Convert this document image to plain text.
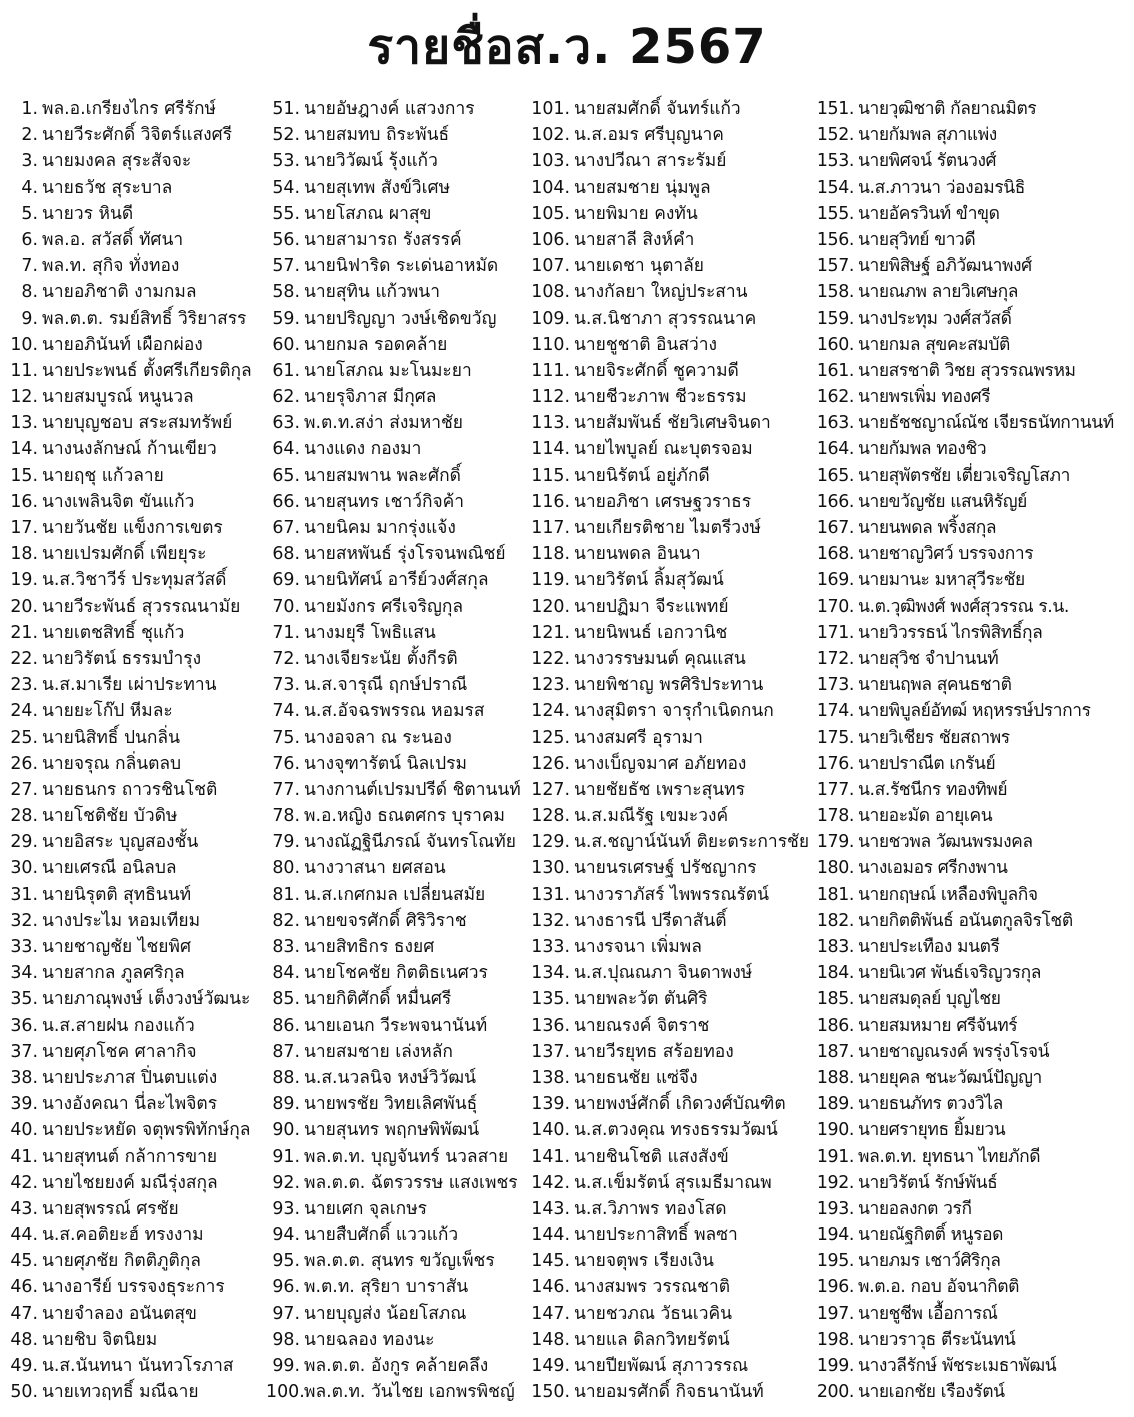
รายชื่อส.ว. 2567
1. พล.อ.เกรียงไกร ศรีรักษ์
2. นายวีระศักดิ์ วิจิตร์แสงศรี
3. นายมงคล สุระสัจจะ
4. นายธวัช สุระบาล
5. นายวร หินดี
6. พล.อ. สวัสดิ์ ทัศนา
7. พล.ท. สุกิจ ทั่งทอง
8. นายอภิชาติ งามกมล
9. พล.ต.ต. รมย์สิทธิ์ วิริยาสรร
10. นายอภินันท์ เผือกผ่อง
11. นายประพนธ์ ตั้งศรีเกียรติกุล
12. นายสมบูรณ์ หนูนวล
13. นายบุญชอบ สระสมทรัพย์
14. นางนงลักษณ์ ก้านเขียว
15. นายฤชุ แก้วลาย
16. นางเพลินจิต ขันแก้ว
17. นายวันชัย แข็งการเขตร
18. นายเปรมศักดิ์ เพียยุระ
19. น.ส.วิชาวีร์ ประทุมสวัสดิ์
20. นายวีระพันธ์ สุวรรณนามัย
21. นายเตชสิทธิ์ ชุแก้ว
22. นายวิรัตน์ ธรรมบำรุง
23. น.ส.มาเรีย เผ่าประทาน
24. นายยะโก๊ป หีมละ
25. นายนิสิทธิ์ ปนกลิ่น
26. นายจรุณ กลิ่นตลบ
27. นายธนกร ถาวรชินโชติ
28. นายโชติชัย บัวดิษ
29. นายอิสระ บุญสองชั้น
30. นายเศรณี อนิลบล
31. นายนิรุตติ สุทธินนท์
32. นางประไม หอมเทียม
33. นายชาญชัย ไชยพิศ
34. นายสากล ภูลศริกุล
35. นายภาณุพงษ์ เต็งวงษ์วัฒนะ
36. น.ส.สายฝน กองแก้ว
37. นายศุภโชค ศาลากิจ
38. นายประภาส ปิ่นตบแต่ง
39. นางอังคณา นี่ละไพจิตร
40. นายประหยัด จตุพรพิทักษ์กุล
41. นายสุทนต์ กล้าการขาย
42. นายไชยยงค์ มณีรุ่งสกุล
43. นายสุพรรณ์ ศรชัย
44. น.ส.คอติยะฮ์ ทรงงาม
45. นายศุภชัย กิตติภูติกุล
46. นางอารีย์ บรรจงธุระการ
47. นายจำลอง อนันตสุข
48. นายชิบ จิตนิยม
49. น.ส.นันทนา นันทวโรภาส
50. นายเทวฤทธิ์ มณีฉาย
51. นายอัษฎางค์ แสวงการ
52. นายสมทบ ถิระพันธ์
53. นายวิวัฒน์ รุ้งแก้ว
54. นายสุเทพ สังข์วิเศษ
55. นายโสภณ ผาสุข
56. นายสามารถ รังสรรค์
57. นายนิฟาริด ระเด่นอาหมัด
58. นายสุทิน แก้วพนา
59. นายปริญญา วงษ์เชิดขวัญ
60. นายกมล รอดคล้าย
61. นายโสภณ มะโนมะยา
62. นายรุจิภาส มีกุศล
63. พ.ต.ท.สง่า ส่งมหาชัย
64. นางแดง กองมา
65. นายสมพาน พละศักดิ์
66. นายสุนทร เชาว์กิจค้า
67. นายนิคม มากรุ่งแจ้ง
68. นายสหพันธ์ รุ่งโรจนพณิชย์
69. นายนิทัศน์ อารีย์วงศ์สกุล
70. นายมังกร ศรีเจริญกุล
71. นางมยุรี โพธิแสน
72. นางเจียระนัย ตั้งกีรติ
73. น.ส.จารุณี ฤกษ์ปราณี
74. น.ส.อัจฉรพรรณ หอมรส
75. นางอจลา ณ ระนอง
76. นางจุฑารัตน์ นิลเปรม
77. นางกานต์เปรมปรีด์ ชิตานนท์
78. พ.อ.หญิง ธณตศกร บุราคม
79. นางณัฏฐินีภรณ์ จันทรโณทัย
80. นางวาสนา ยศสอน
81. น.ส.เกศกมล เปลี่ยนสมัย
82. นายขจรศักดิ์ ศิริวิราช
83. นายสิทธิกร ธงยศ
84. นายโชคชัย กิตติธเนศวร
85. นายกิติศักดิ์ หมื่นศรี
86. นายเอนก วีระพจนานันท์
87. นายสมชาย เล่งหลัก
88. น.ส.นวลนิจ หงษ์วิวัฒน์
89. นายพรชัย วิทยเลิศพันธุ์
90. นายสุนทร พฤกษพิพัฒน์
91. พล.ต.ท. บุญจันทร์ นวลสาย
92. พล.ต.ต. ฉัตรวรรษ แสงเพชร
93. นายเศก จุลเกษร
94. นายสืบศักดิ์ แววแก้ว
95. พล.ต.ต. สุนทร ขวัญเพ็ชร
96. พ.ต.ท. สุริยา บาราสัน
97. นายบุญส่ง น้อยโสภณ
98. นายฉลอง ทองนะ
99. พล.ต.ต. อังกูร คล้ายคลึง
100.พล.ต.ท. วันไชย เอกพรพิชญ์
101. นายสมศักดิ์ จันทร์แก้ว
102. น.ส.อมร ศรีบุญนาค
103. นางปวีณา สาระรัมย์
104. นายสมชาย นุ่มพูล
105. นายพิมาย คงทัน
106. นายสาลี สิงห์คำ
107. นายเดชา นุตาลัย
108. นางกัลยา ใหญ่ประสาน
109. น.ส.นิชาภา สุวรรณนาค
110. นายชูชาติ อินสว่าง
111. นายจิระศักดิ์ ชูความดี
112. นายชีวะภาพ ชีวะธรรม
113. นายสัมพันธ์ ชัยวิเศษจินดา
114. นายไพบูลย์ ณะบุตรจอม
115. นายนิรัตน์ อยู่ภักดี
116. นายอภิชา เศรษฐวราธร
117. นายเกียรติชาย ไมตรีวงษ์
118. นายนพดล อินนา
119. นายวิรัตน์ ลิ้มสุวัฒน์
120. นายปฏิมา จีระแพทย์
121. นายนิพนธ์ เอกวานิช
122. นางวรรษมนต์ คุณแสน
123. นายพิชาญ พรศิริประทาน
124. นางสุมิตรา จารุกำเนิดกนก
125. นางสมศรี อุรามา
126. นางเบ็ญจมาศ อภัยทอง
127. นายชัยธัช เพราะสุนทร
128. น.ส.มณีรัฐ เขมะวงค์
129. น.ส.ชญาน์นันท์ ติยะตระการชัย
130. นายนรเศรษฐ์ ปรัชญากร
131. นางวราภัสร์ ไพพรรณรัตน์
132. นางธารนี ปรีดาสันติ์
133. นางรจนา เพิ่มพล
134. น.ส.ปุณณภา จินดาพงษ์
135. นายพละวัต ตันศิริ
136. นายณรงค์ จิตราช
137. นายวีรยุทธ สร้อยทอง
138. นายธนชัย แซ่จึง
139. นายพงษ์ศักดิ์ เกิดวงศ์บัณฑิต
140. น.ส.ตวงคุณ ทรงธรรมวัฒน์
141. นายชินโชติ แสงสังข์
142. น.ส.เข็มรัตน์ สุรเมธีมาณพ
143. น.ส.วิภาพร ทองโสด
144. นายประกาสิทธิ์ พลซา
145. นายจตุพร เรียงเงิน
146. นางสมพร วรรณชาติ
147. นายชวภณ วัธนเวคิน
148. นายแล ดิลกวิทยรัตน์
149. นายปียพัฒน์ สุภาวรรณ
150. นายอมรศักดิ์ กิจธนานันท์
151. นายวุฒิชาติ กัลยาณมิตร
152. นายกัมพล สุภาแพ่ง
153. นายพิศจน์ รัตนวงศ์
154. น.ส.ภาวนา ว่องอมรนิธิ
155. นายอัครวินท์ ขำขุด
156. นายสุวิทย์ ขาวดี
157. นายพิสิษฐ์ อภิวัฒนาพงศ์
158. นายณภพ ลายวิเศษกุล
159. นางประทุม วงศ์สวัสดิ์
160. นายกมล สุขคะสมบัติ
161. นายสรชาติ วิชย สุวรรณพรหม
162. นายพรเพิ่ม ทองศรี
163. นายธัชชญาณ์ณัช เจียรธนัทกานนท์
164. นายกัมพล ทองชิว
165. นายสุพัตรชัย เตี่ยวเจริญโสภา
166. นายขวัญชัย แสนหิรัญย์
167. นายนพดล พริ้งสกุล
168. นายชาญวิศว์ บรรจงการ
169. นายมานะ มหาสุวีระชัย
170. น.ต.วุฒิพงศ์ พงศ์สุวรรณ ร.น.
171. นายวิวรรธน์ ไกรพิสิทธิ์กุล
172. นายสุวิช จำปานนท์
173. นายนฤพล สุคนธชาติ
174. นายพิบูลย์อัทฒ์ หฤหรรษ์ปราการ
175. นายวิเชียร ชัยสถาพร
176. นายปราณีต เกรันย์
177. น.ส.รัชนีกร ทองทิพย์
178. นายอะมัด อายุเคน
179. นายชวพล วัฒนพรมงคล
180. นางเอมอร ศรีกงพาน
181. นายกฤษณ์ เหลืองพิบูลกิจ
182. นายกิตติพันธ์ อนันตกูลจิรโชติ
183. นายประเทือง มนตรี
184. นายนิเวศ พันธ์เจริญวรกุล
185. นายสมดุลย์ บุญไชย
186. นายสมหมาย ศรีจันทร์
187. นายชาญณรงค์ พรรุ่งโรจน์
188. นายยุคล ชนะวัฒน์ปัญญา
189. นายธนภัทร ตวงวิไล
190. นายศรายุทธ ยิ้มยวน
191. พล.ต.ท. ยุทธนา ไทยภักดี
192. นายวิรัตน์ รักษ์พันธ์
193. นายอลงกต วรกี
194. นายณัฐกิตติ์ หนูรอด
195. นายภมร เชาว์ศิริกุล
196. พ.ต.อ. กอบ อัจนากิตติ
197. นายชูชีพ เอื้อการณ์
198. นายวราวุธ ตีระนันทน์
199. นางวลีรักษ์ พัชระเมธาพัฒน์
200. นายเอกชัย เรืองรัตน์
